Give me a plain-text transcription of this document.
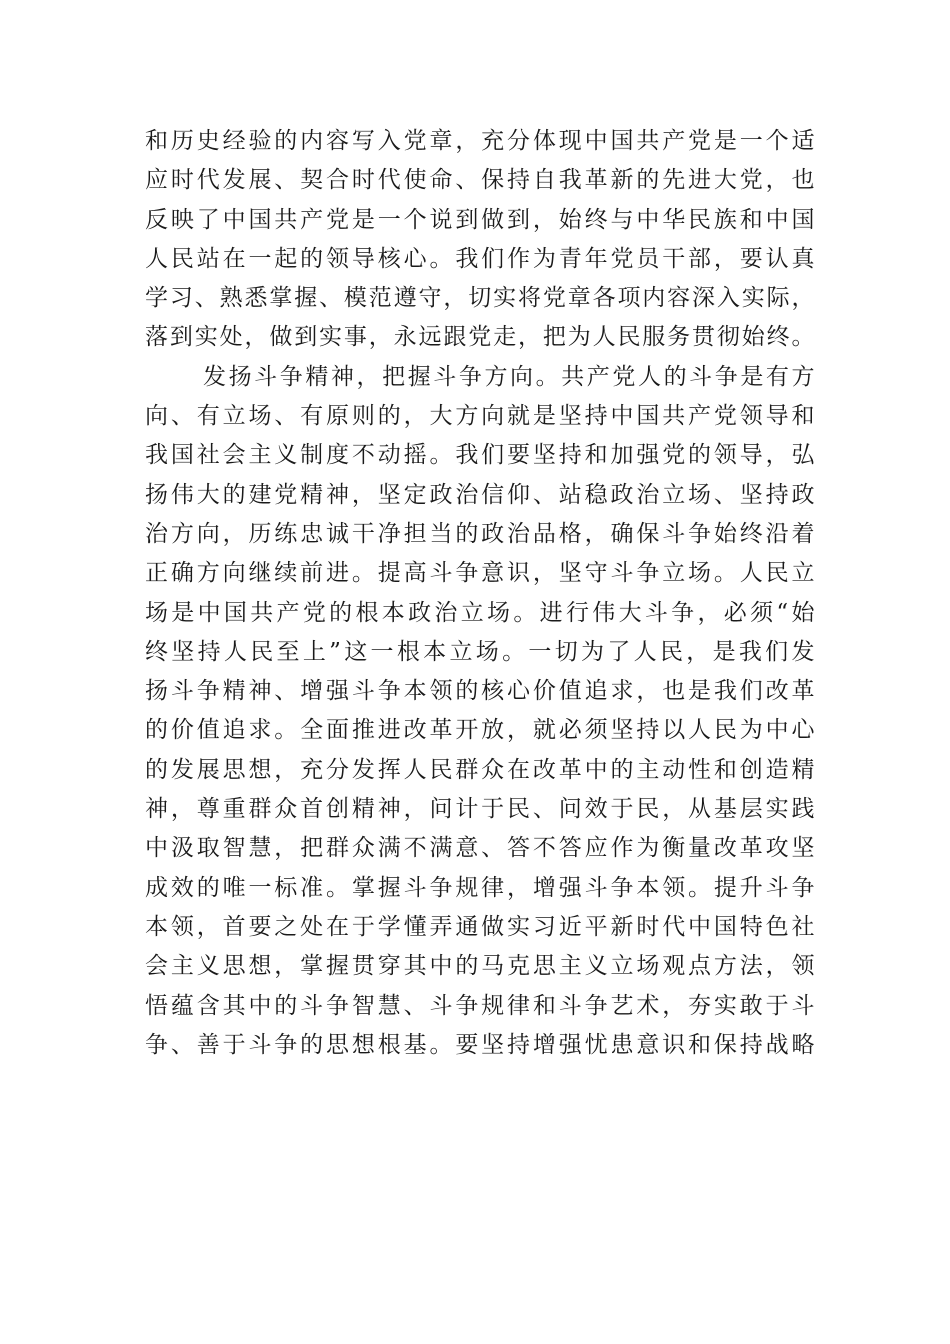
和历史经验的内容写入党章，充分体现中国共产党是一个适
应时代发展、契合时代使命、保持自我革新的先进大党，也
反映了中国共产党是一个说到做到，始终与中华民族和中国
人民站在一起的领导核心。我们作为青年党员干部，要认真
学习、熟悉掌握、模范遵守，切实将党章各项内容深入实际，
落到实处，做到实事，永远跟党走，把为人民服务贯彻始终。
发扬斗争精神，把握斗争方向。共产党人的斗争是有方
向、有立场、有原则的，大方向就是坚持中国共产党领导和
我国社会主义制度不动摇。我们要坚持和加强党的领导，弘
扬伟大的建党精神，坚定政治信仰、站稳政治立场、坚持政
治方向，历练忠诚干净担当的政治品格，确保斗争始终沿着
正确方向继续前进。提高斗争意识，坚守斗争立场。人民立
场是中国共产党的根本政治立场。进行伟大斗争，必须“始
终坚持人民至上”这一根本立场。一切为了人民，是我们发
扬斗争精神、增强斗争本领的核心价值追求，也是我们改革
的价值追求。全面推进改革开放，就必须坚持以人民为中心
的发展思想，充分发挥人民群众在改革中的主动性和创造精
神，尊重群众首创精神，问计于民、问效于民，从基层实践
中汲取智慧，把群众满不满意、答不答应作为衡量改革攻坚
成效的唯一标准。掌握斗争规律，增强斗争本领。提升斗争
本领，首要之处在于学懂弄通做实习近平新时代中国特色社
会主义思想，掌握贯穿其中的马克思主义立场观点方法，领
悟蕴含其中的斗争智慧、斗争规律和斗争艺术，夯实敢于斗
争、善于斗争的思想根基。要坚持增强忧患意识和保持战略
